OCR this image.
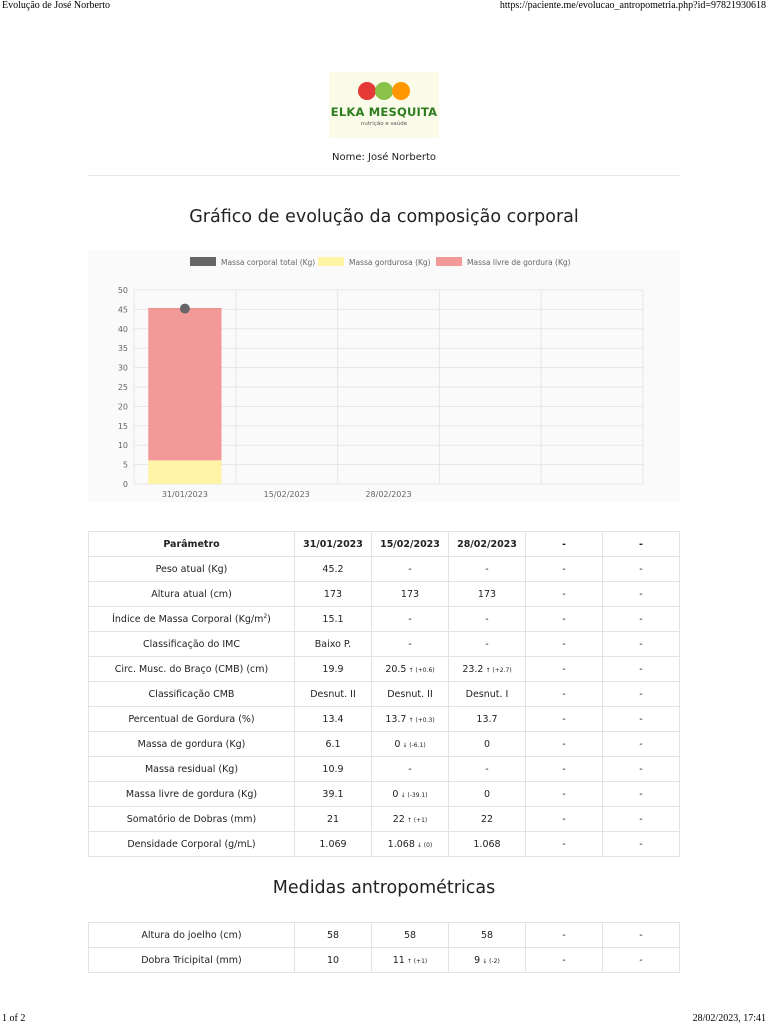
Evolução de José Norberto	https://paciente.me/evolucao_antropometria.php?id=97821930618
ELKA MESQUITA
nutrição e saúde
Nome: José Norberto
Gráfico de evolução da composição corporal
0
5
10
15
20
25
30
35
40
45
50
31/01/2023	15/02/2023	28/02/2023
Massa corporal total (Kg)	Massa gordurosa (Kg)	Massa livre de gordura (Kg)
Parâmetro	31/01/2023	15/02/2023	28/02/2023	-	-
Peso atual (Kg)	45.2	-	-	-	-
Altura atual (cm)	173	173	173	-	-
Índice de Massa Corporal $(Kg/m^2)$	15.1	-	-	-	-
Classificação do IMC	Baixo P.	-	-	-	-
Circ. Musc. do Braço (CMB) (cm)	19.9	20.5 ↑ (+0.6)	23.2 ↑ (+2.7)	-	-
Classificação CMB	Desnut. II	Desnut. II	Desnut. I	-	-
Percentual de Gordura (%)	13.4	13.7 ↑ (+0.3)	13.7	-	-
Massa de gordura (Kg)	6.1	0 ↓ (-6.1)	0	-	-
Massa residual (Kg)	10.9	-	-	-	-
Massa livre de gordura (Kg)	39.1	0 ↓ (-39.1)	0	-	-
Somatório de Dobras (mm)	21	22 ↑ (+1)	22	-	-
Densidade Corporal (g/mL)	1.069	1.068 ↓ (0)	1.068	-	-
Medidas antropométricas
Altura do joelho (cm)	58	58	58	-	-
Dobra Tricipital (mm)	10	11 ↑ (+1)	9 ↓ (-2)	-	-
1 of 2	28/02/2023, 17:41
